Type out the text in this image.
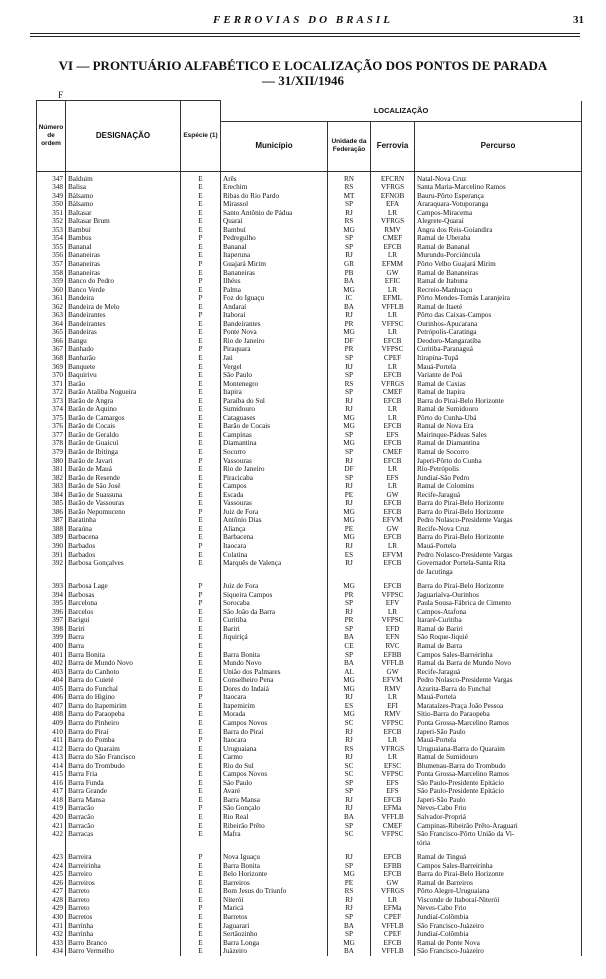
FERROVIAS DO BRASIL	31
VI — PRONTUÁRIO ALFABÉTICO E LOCALIZAÇÃO DOS PONTOS DE PARADA
— 31/XII/1946
F
Número de ordem	DESIGNAÇÃO	Espécie (1)	LOCALIZAÇÃO			
			Município	Unidade da Federação	Ferrovia	Percurso
347	Balduim	E	Arês	RN	EFCRN	Natal-Nova Cruz
348	Balisa	E	Erechim	RS	VFRGS	Santa Maria-Marcelino Ramos
349	Bálsamo	E	Ribas do Rio Pardo	MT	EFNOB	Bauru-Pôrto Esperança
350	Bálsamo	E	Mirassol	SP	EFA	Araraquara-Votuporanga
351	Baltasar	E	Santo Antônio de Pádua	RJ	LR	Campos-Miracema
352	Baltasar Brum	E	Quaraí	RS	VFRGS	Alegrete-Quaraí
353	Bambuí	E	Bambuí	MG	RMV	Angra dos Reis-Goiandira
354	Bambus	P	Pedregulho	SP	CMEF	Ramal de Uberaba
355	Bananal	E	Bananal	SP	EFCB	Ramal de Bananal
356	Bananeiras	E	Itaperuna	RJ	LR	Murundu-Porciúncula
357	Bananeiras	P	Guajará Mirim	GR	EFMM	Pôrto Velho Guajará Mirim
358	Bananeiras	E	Bananeiras	PB	GW	Ramal de Bananeiras
359	Banco do Pedro	P	Ilhéus	BA	EFIC	Ramal de Itabuna
360	Banco Verde	E	Palma	MG	LR	Recreio-Manhuaçu
361	Bandeira	P	Foz do Iguaçu	IC	EFML	Pôrto Mendes-Tomás Laranjeira
362	Bandeira de Melo	E	Andaraí	BA	VFFLB	Ramal de Itaeté
363	Bandeirantes	P	Itaboraí	RJ	LR	Pôrto das Caixas-Campos
364	Bandeirantes	E	Bandeirantes	PR	VFFSC	Ourinhos-Apucarana
365	Bandeiras	E	Ponte Nova	MG	LR	Petrópolis-Caratinga
366	Bangu	E	Rio de Janeiro	DF	EFCB	Deodoro-Mangaratiba
367	Banhado	P	Piraquara	PR	VFPSC	Curitiba-Paranaguá
368	Banharão	E	Jaú	SP	CPEF	Itirapina-Tupã
369	Banquete	E	Vergel	RJ	LR	Mauá-Portela
370	Baquirivu	E	São Paulo	SP	EFCB	Variante de Poá
371	Barão	E	Montenegro	RS	VFRGS	Ramal de Caxias
372	Barão Ataliba Nogueira	E	Itapira	SP	CMEF	Ramal de Itapira
373	Barão de Angra	E	Paraíba do Sul	RJ	EFCB	Barra do Piraí-Belo Horizonte
374	Barão de Aquino	E	Sumidouro	RJ	LR	Ramal de Sumidouro
375	Barão de Camargos	E	Cataguases	MG	LR	Pôrto do Cunha-Ubá
376	Barão de Cocais	E	Barão de Cocais	MG	EFCB	Ramal de Nova Era
377	Barão de Geraldo	E	Campinas	SP	EFS	Mairinque-Páduas Sales
378	Barão de Guaicuí	E	Diamantina	MG	EFCB	Ramal de Diamantina
379	Barão de Ibitinga	E	Socorro	SP	CMEF	Ramal de Socorro
380	Barão de Javari	P	Vassouras	RJ	EFCB	Japeri-Pôrto do Cunha
381	Barão de Mauá	E	Rio de Janeiro	DF	LR	Rio-Petrópolis
382	Barão de Resende	E	Piracicaba	SP	EFS	Jundiaí-São Pedro
383	Barão de São José	E	Campos	RJ	LR	Ramal de Colomins
384	Barão de Suassuna	E	Escada	PE	GW	Recife-Jaraguá
385	Barão de Vassouras	E	Vassouras	RJ	EFCB	Barra do Piraí-Belo Horizonte
386	Barão Nepomuceno	P	Juiz de Fora	MG	EFCB	Barra do Piraí-Belo Horizonte
387	Baratinha	E	Antônio Dias	MG	EFVM	Pedro Nolasco-Presidente Vargas
388	Baraúna	E	Aliança	PE	GW	Recife-Nova Cruz
389	Barbacena	E	Barbacena	MG	EFCB	Barra do Piraí-Belo Horizonte
390	Barbados	P	Itaocara	RJ	LR	Mauá-Portela
391	Barbados	E	Colatina	ES	EFVM	Pedro Nolasco-Presidente Vargas
392	Barbosa Gonçalves	E	Marquês de Valença	RJ	EFCB	Governador Portela-Santa Rita
						de Jacutinga

393	Barbosa Lage	P	Juiz de Fora	MG	EFCB	Barra do Piraí-Belo Horizonte
394	Barbosas	P	Siqueira Campos	PR	VFPSC	Jaguariaíva-Ourinhos
395	Barcelona	P	Sorocaba	SP	EFV	Paula Sousa-Fábrica de Cimento
396	Barcelos	E	São João da Barra	RJ	LR	Campos-Atafona
397	Barigui	E	Curitiba	PR	VFPSC	Itararé-Curitiba
398	Bariri	E	Bariri	SP	EFD	Ramal de Bariri
399	Barra	E	Jiquiriçá	BA	EFN	São Roque-Jiquié
400	Barra	E		CE	RVC	Ramal de Barra
401	Barra Bonita	E	Barra Bonita	SP	EFBB	Campos Sales-Barreirinha
402	Barra de Mundo Novo	E	Mundo Novo	BA	VFFLB	Ramal da Barra de Mundo Novo
403	Barra do Canhoto	E	União dos Palmares	AL	GW	Recife-Jaraguá
404	Barra do Cuieté	E	Conselheiro Pena	MG	EFVM	Pedro Nolasco-Presidente Vargas
405	Barra do Funchal	E	Dores do Indaiá	MG	RMV	Azurita-Barra do Funchal
406	Barra do Higino	P	Itaocara	RJ	LR	Mauá-Portela
407	Barra do Itapemirim	E	Itapemirim	ES	EFI	Marataízes-Praça João Pessoa
408	Barra do Paraopeba	E	Morada	MG	RMV	Sítio-Barra do Paraopeba
409	Barra do Pinheiro	E	Campos Novos	SC	VFPSC	Ponta Grossa-Marcelino Ramos
410	Barra do Piraí	E	Barra do Piraí	RJ	EFCB	Japeri-São Paulo
411	Barra do Pomba	P	Itaocara	RJ	LR	Mauá-Portela
412	Barra do Quaraim	E	Uruguaiana	RS	VFRGS	Uruguaiana-Barra do Quaraim
413	Barra do São Francisco	E	Carmo	RJ	LR	Ramal de Sumidouro
414	Barra do Trombudo	E	Rio do Sul	SC	EFSC	Blumenau-Barra do Trombudo
415	Barra Fria	E	Campos Novos	SC	VFPSC	Ponta Grossa-Marcelino Ramos
416	Barra Funda	E	São Paulo	SP	EFS	São Paulo-Presidente Epitácio
417	Barra Grande	E	Avaré	SP	EFS	São Paulo-Presidente Epitácio
418	Barra Mansa	E	Barra Mansa	RJ	EFCB	Japeri-São Paulo
419	Barracão	P	São Gonçalo	RJ	EFMa	Neves-Cabo Frio
420	Barracão	E	Rio Real	BA	VFFLB	Salvador-Propriá
421	Barracão	E	Ribeirão Prêto	SP	CMEF	Campinas-Ribeirão Prêto-Araguari
422	Barracas	E	Mafra	SC	VFPSC	São Francisco-Pôrto União da Vi-
						tória

423	Barreira	P	Nova Iguaçu	RJ	EFCB	Ramal de Tinguá
424	Barreirinha	E	Barra Bonita	SP	EFBB	Campos Sales-Barreirinha
425	Barreiro	E	Belo Horizonte	MG	EFCB	Barra do Piraí-Belo Horizonte
426	Barreiros	E	Barreiros	PE	GW	Ramal de Barreiros
427	Barreto	E	Bom Jesus do Triunfo	RS	VFRGS	Pôrto Alegre-Uruguaiana
428	Barreto	E	Niterói	RJ	LR	Visconde de Itaboraí-Niterói
429	Barreto	P	Maricá	RJ	EFMa	Neves-Cabo Frio
430	Barretos	E	Barretos	SP	CPEF	Jundiaí-Colômbia
431	Barrinha	E	Jaguarari	BA	VFFLB	São Francisco-Juàzeiro
432	Barrinha	E	Sertãozinho	SP	CPEF	Jundiaí-Colômbia
433	Barro Branco	E	Barra Longa	MG	EFCB	Ramal de Ponte Nova
434	Barro Vermelho	E	Juàzeiro	BA	VFFLB	São Francisco-Juàzeiro
